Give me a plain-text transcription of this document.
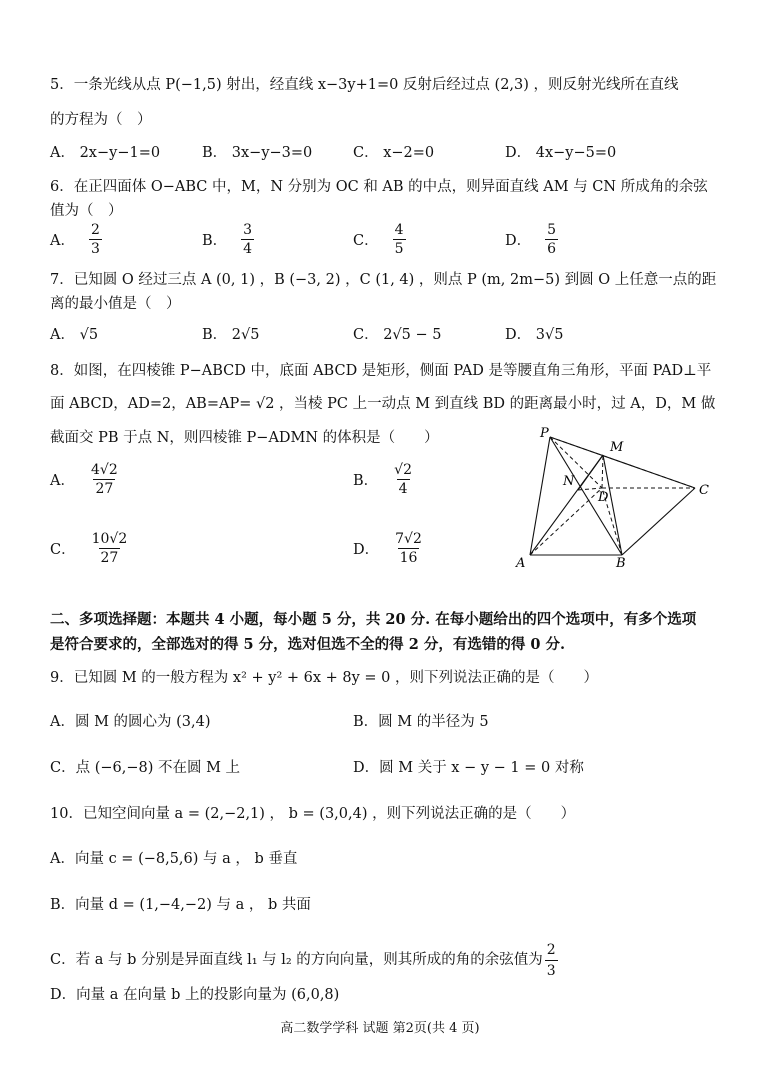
5．一条光线从点 P(−1,5) 射出，经直线 x−3y+1=0 反射后经过点 (2,3) ，则反射光线所在直线
的方程为（　）
A． 2x−y−1=0	B． 3x−y−3=0	C． x−2=0	D． 4x−y−5=0
6．在正四面体 O−ABC 中，M，N 分别为 OC 和 AB 的中点，则异面直线 AM 与 CN 所成角的余弦
值为（　）
A．
2
3	B．
3
4	C．
4
5	D．
5
6
7．已知圆 O 经过三点 A (0, 1) ，B (−3, 2) ，C (1, 4) ，则点 P (m, 2m−5) 到圆 O 上任意一点的距
离的最小值是（　）
A． √5	B． 2√5	C． 2√5 − 5	D． 3√5
8．如图，在四棱锥 P−ABCD 中，底面 ABCD 是矩形，侧面 PAD 是等腰直角三角形，平面 PAD⊥平
面 ABCD，AD=2，AB=AP= √2 ，当棱 PC 上一动点 M 到直线 BD 的距离最小时，过 A，D，M 做
截面交 PB 于点 N，则四棱锥 P−ADMN 的体积是（　　）
A．
4√2
27	B．
√2
4
C．
10√2
27	D．
7√2
16
P
M
N
D	C
A	B
二、多项选择题：本题共 4 小题，每小题 5 分，共 20 分. 在每小题给出的四个选项中，有多个选项
是符合要求的，全部选对的得 5 分，选对但选不全的得 2 分，有选错的得 0 分.
9．已知圆 M 的一般方程为 x² + y² + 6x + 8y = 0 ，则下列说法正确的是（　　）
A．圆 M 的圆心为 (3,4)	B．圆 M 的半径为 5
C．点 (−6,−8) 不在圆 M 上	D．圆 M 关于 x − y − 1 = 0 对称
10．已知空间向量 a = (2,−2,1) ， b = (3,0,4) ，则下列说法正确的是（　　）
A．向量 c = (−8,5,6) 与 a ， b 垂直
B．向量 d = (1,−4,−2) 与 a ， b 共面
C．若 a 与 b 分别是异面直线 l₁ 与 l₂ 的方向向量，则其所成的角的余弦值为 $\frac{2}{3}$
D．向量 a 在向量 b 上的投影向量为 (6,0,8)
高二数学学科 试题 第2页(共 4 页)
